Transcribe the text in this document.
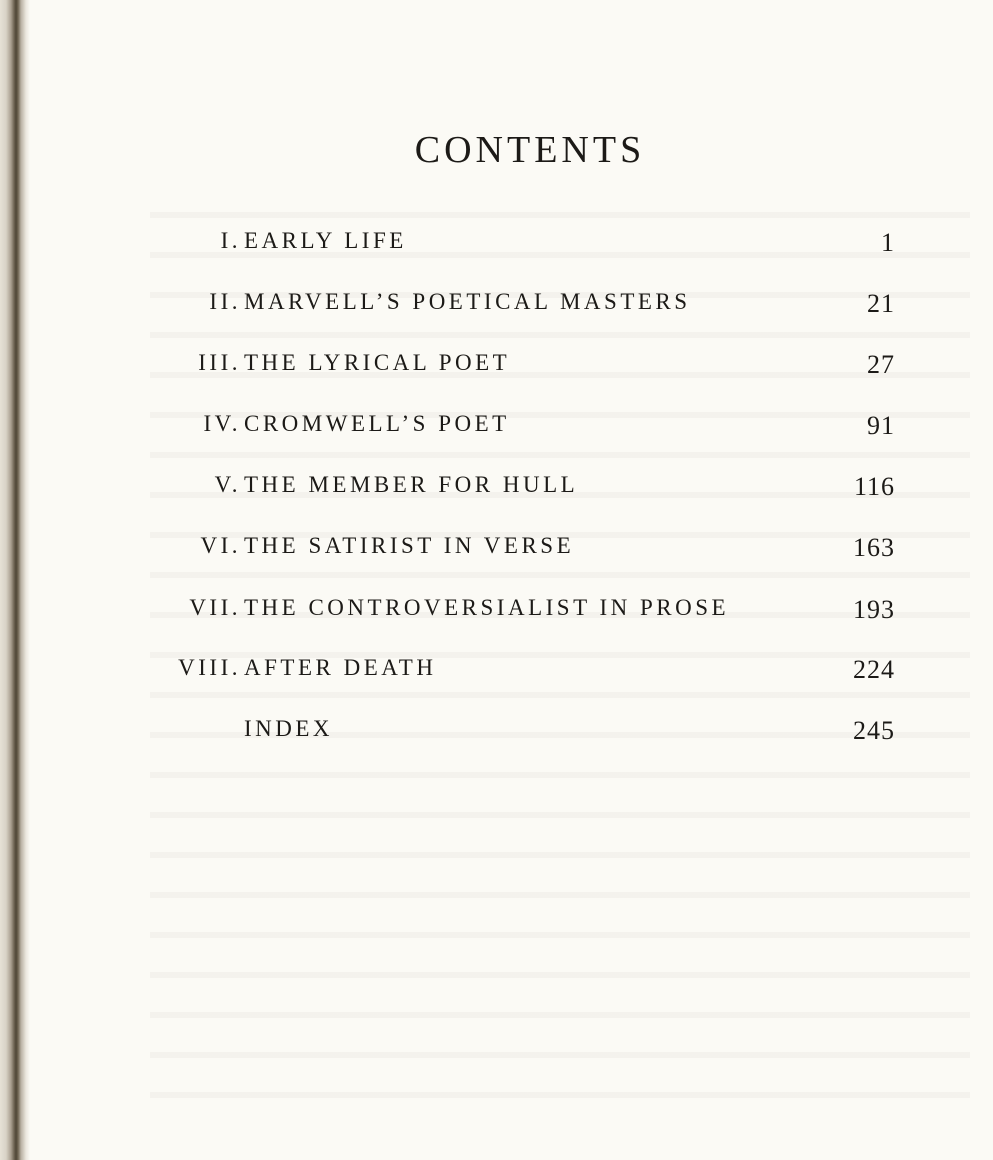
CONTENTS
I. EARLY LIFE	1
II. MARVELL’S POETICAL MASTERS	21
III. THE LYRICAL POET	27
IV. CROMWELL’S POET	91
V. THE MEMBER FOR HULL	116
VI. THE SATIRIST IN VERSE	163
VII. THE CONTROVERSIALIST IN PROSE	193
VIII. AFTER DEATH	224
INDEX	245
